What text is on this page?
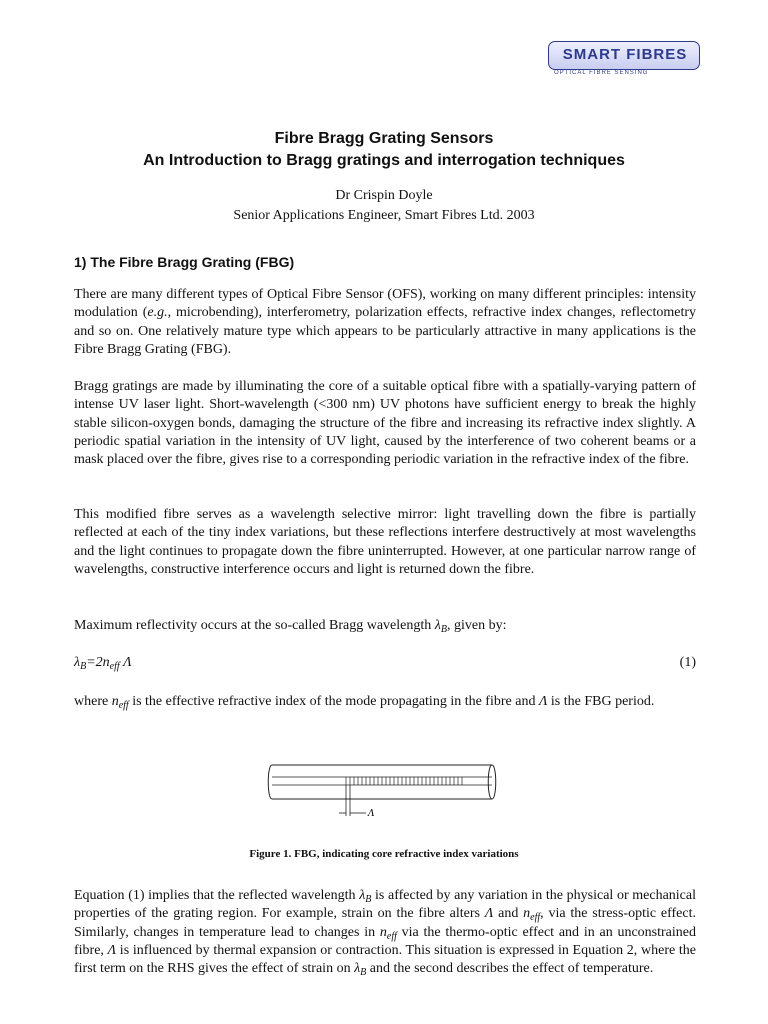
SMART FIBRES
OPTICAL FIBRE SENSING
Fibre Bragg Grating Sensors
An Introduction to Bragg gratings and interrogation techniques
Dr Crispin Doyle
Senior Applications Engineer, Smart Fibres Ltd. 2003
1) The Fibre Bragg Grating (FBG)
There are many different types of Optical Fibre Sensor (OFS), working on many different principles: intensity modulation (e.g., microbending), interferometry, polarization effects, refractive index changes, reflectometry and so on. One relatively mature type which appears to be particularly attractive in many applications is the Fibre Bragg Grating (FBG).
Bragg gratings are made by illuminating the core of a suitable optical fibre with a spatially-varying pattern of intense UV laser light. Short-wavelength (<300 nm) UV photons have sufficient energy to break the highly stable silicon-oxygen bonds, damaging the structure of the fibre and increasing its refractive index slightly. A periodic spatial variation in the intensity of UV light, caused by the interference of two coherent beams or a mask placed over the fibre, gives rise to a corresponding periodic variation in the refractive index of the fibre.
This modified fibre serves as a wavelength selective mirror: light travelling down the fibre is partially reflected at each of the tiny index variations, but these reflections interfere destructively at most wavelengths and the light continues to propagate down the fibre uninterrupted. However, at one particular narrow range of wavelengths, constructive interference occurs and light is returned down the fibre.
Maximum reflectivity occurs at the so-called Bragg wavelength $\lambda_B$, given by:
$\lambda_B=2n_{eff}$ Λ	(1)
where $n_{eff}$ is the effective refractive index of the mode propagating in the fibre and Λ is the FBG period.
Λ
Figure 1. FBG, indicating core refractive index variations
Equation (1) implies that the reflected wavelength $\lambda_B$ is affected by any variation in the physical or mechanical properties of the grating region. For example, strain on the fibre alters Λ and $n_{eff}$, via the stress-optic effect. Similarly, changes in temperature lead to changes in $n_{eff}$ via the thermo-optic effect and in an unconstrained fibre, Λ is influenced by thermal expansion or contraction. This situation is expressed in Equation 2, where the first term on the RHS gives the effect of strain on $\lambda_B$ and the second describes the effect of temperature.
